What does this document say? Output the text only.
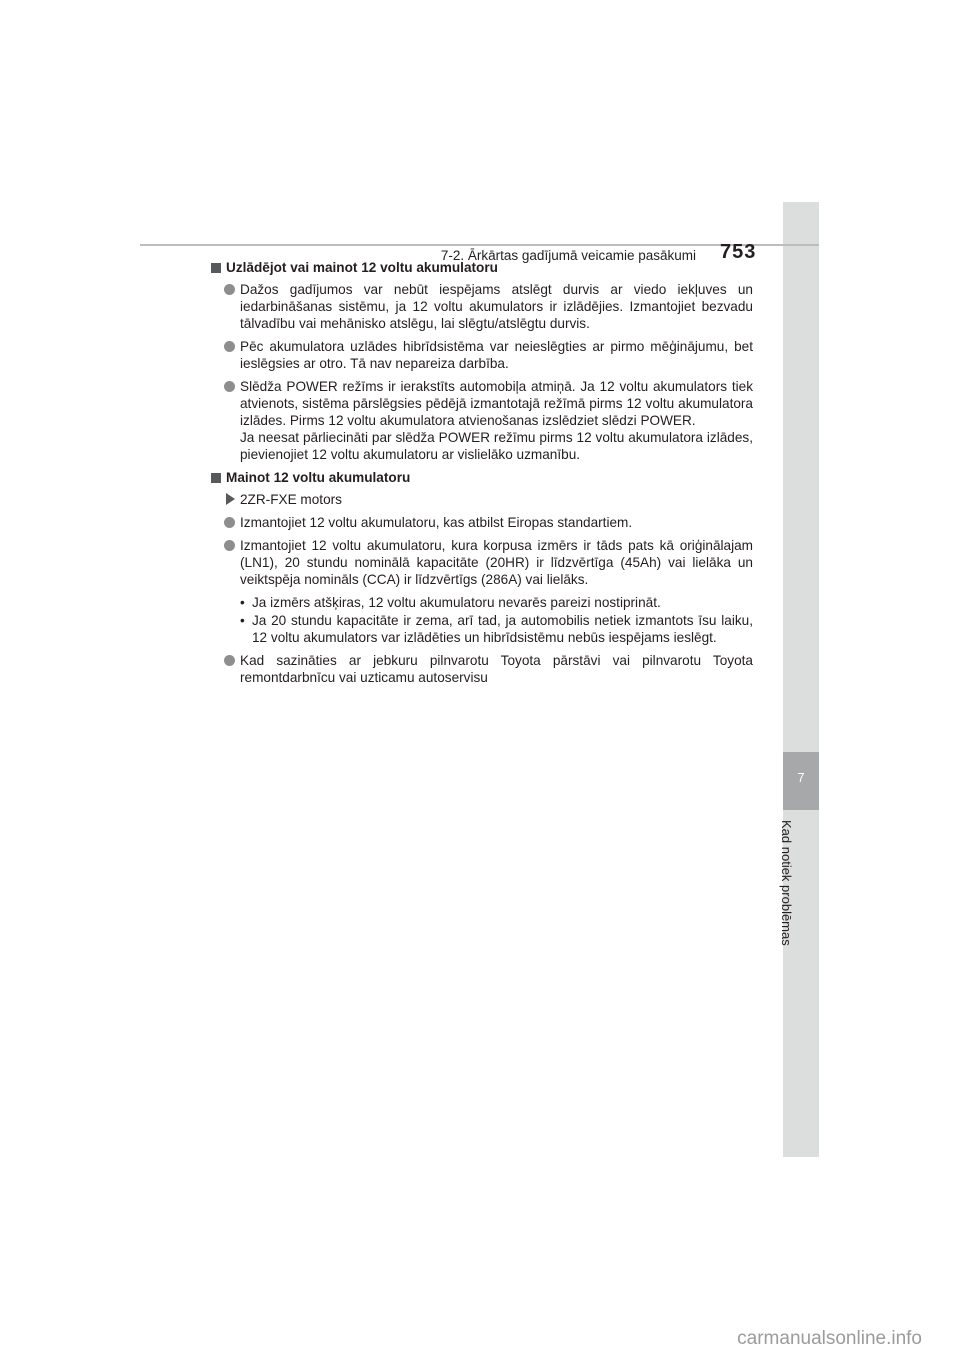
7
Kad notiek problēmas
7-2. Ārkārtas gadījumā veicamie pasākumi 753
Uzlādējot vai mainot 12 voltu akumulatoru

Dažos gadījumos var nebūt iespējams atslēgt durvis ar viedo iekļuves un iedarbināšanas sistēmu, ja 12 voltu akumulators ir izlādējies. Izmantojiet bezvadu tālvadību vai mehānisko atslēgu, lai slēgtu/atslēgtu durvis.

Pēc akumulatora uzlādes hibrīdsistēma var neieslēgties ar pirmo mēģinājumu, bet ieslēgsies ar otro. Tā nav nepareiza darbība.

Slēdža POWER režīms ir ierakstīts automobiļa atmiņā. Ja 12 voltu akumulators tiek atvienots, sistēma pārslēgsies pēdējā izmantotajā režīmā pirms 12 voltu akumulatora izlādes. Pirms 12 voltu akumulatora atvienošanas izslēdziet slēdzi POWER.

Ja neesat pārliecināti par slēdža POWER režīmu pirms 12 voltu akumulatora izlādes, pievienojiet 12 voltu akumulatoru ar vislielāko uzmanību.

Mainot 12 voltu akumulatoru

2ZR-FXE motors

Izmantojiet 12 voltu akumulatoru, kas atbilst Eiropas standartiem.

Izmantojiet 12 voltu akumulatoru, kura korpusa izmērs ir tāds pats kā oriģinālajam (LN1), 20 stundu nominālā kapacitāte (20HR) ir līdzvērtīga (45Ah) vai lielāka un veiktspēja nomināls (CCA) ir līdzvērtīgs (286A) vai lielāks.

• Ja izmērs atšķiras, 12 voltu akumulatoru nevarēs pareizi nostiprināt.
• Ja 20 stundu kapacitāte ir zema, arī tad, ja automobilis netiek izmantots īsu laiku, 12 voltu akumulators var izlādēties un hibrīdsistēmu nebūs iespējams ieslēgt.

Kad sazināties ar jebkuru pilnvarotu Toyota pārstāvi vai pilnvarotu Toyota remontdarbnīcu vai uzticamu autoservisu

carmanualsonline.info
